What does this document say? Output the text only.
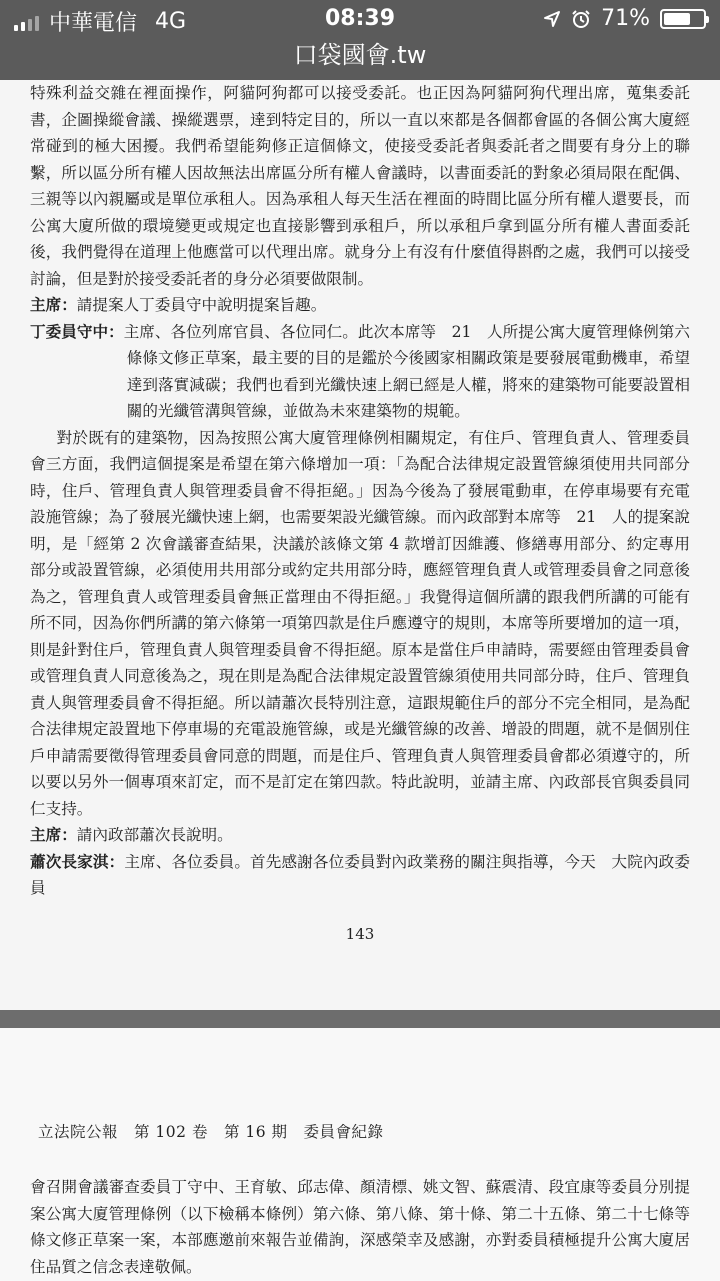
中華電信 4G	08:39	71%
口袋國會.tw

特殊利益交雜在裡面操作，阿貓阿狗都可以接受委託。也正因為阿貓阿狗代理出席，蒐集委託書，企圖操縱會議、操縱選票，達到特定目的，所以一直以來都是各個都會區的各個公寓大廈經常碰到的極大困擾。我們希望能夠修正這個條文，使接受委託者與委託者之間要有身分上的聯繫，所以區分所有權人因故無法出席區分所有權人會議時，以書面委託的對象必須局限在配偶、三親等以內親屬或是單位承租人。因為承租人每天生活在裡面的時間比區分所有權人還要長，而公寓大廈所做的環境變更或規定也直接影響到承租戶，所以承租戶拿到區分所有權人書面委託後，我們覺得在道理上他應當可以代理出席。就身分上有沒有什麼值得斟酌之處，我們可以接受討論，但是對於接受委託者的身分必須要做限制。

主席：請提案人丁委員守中說明提案旨趣。

丁委員守中：主席、各位列席官員、各位同仁。此次本席等　21　人所提公寓大廈管理條例第六條條文修正草案，最主要的目的是鑑於今後國家相關政策是要發展電動機車，希望達到落實減碳；我們也看到光纖快速上網已經是人權，將來的建築物可能要設置相關的光纖管溝與管線，並做為未來建築物的規範。

對於既有的建築物，因為按照公寓大廈管理條例相關規定，有住戶、管理負責人、管理委員會三方面，我們這個提案是希望在第六條增加一項：「為配合法律規定設置管線須使用共同部分時，住戶、管理負責人與管理委員會不得拒絕。」因為今後為了發展電動車，在停車場要有充電設施管線；為了發展光纖快速上網，也需要架設光纖管線。而內政部對本席等　21　人的提案說明，是「經第 2 次會議審查結果，決議於該條文第 4 款增訂因維護、修繕專用部分、約定專用部分或設置管線，必須使用共用部分或約定共用部分時，應經管理負責人或管理委員會之同意後為之，管理負責人或管理委員會無正當理由不得拒絕。」我覺得這個所講的跟我們所講的可能有所不同，因為你們所講的第六條第一項第四款是住戶應遵守的規則，本席等所要增加的這一項，則是針對住戶，管理負責人與管理委員會不得拒絕。原本是當住戶申請時，需要經由管理委員會或管理負責人同意後為之，現在則是為配合法律規定設置管線須使用共同部分時，住戶、管理負責人與管理委員會不得拒絕。所以請蕭次長特別注意，這跟規範住戶的部分不完全相同，是為配合法律規定設置地下停車場的充電設施管線，或是光纖管線的改善、增設的問題，就不是個別住戶申請需要徵得管理委員會同意的問題，而是住戶、管理負責人與管理委員會都必須遵守的，所以要以另外一個專項來訂定，而不是訂定在第四款。特此說明，並請主席、內政部長官與委員同仁支持。

主席：請內政部蕭次長說明。

蕭次長家淇：主席、各位委員。首先感謝各位委員對內政業務的關注與指導，今天　大院內政委員

143
立法院公報　第 102 卷　第 16 期　委員會紀錄

會召開會議審查委員丁守中、王育敏、邱志偉、顏清標、姚文智、蘇震清、段宜康等委員分別提案公寓大廈管理條例（以下檢稱本條例）第六條、第八條、第十條、第二十五條、第二十七條等條文修正草案一案，本部應邀前來報告並備詢，深感榮幸及感謝，亦對委員積極提升公寓大廈居住品質之信念表達敬佩。
